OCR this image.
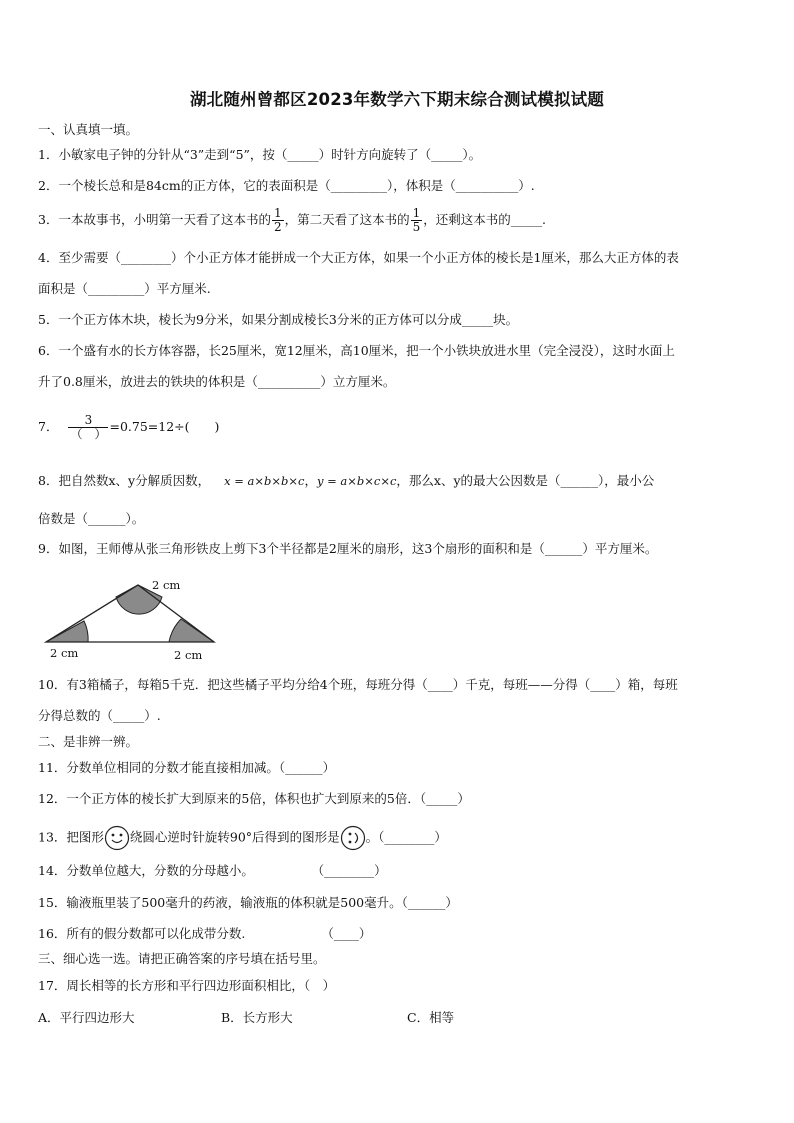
湖北随州曾都区2023年数学六下期末综合测试模拟试题
一、认真填一填。
1．小敏家电子钟的分针从“3”走到“5”，按（_____）时针方向旋转了（_____）。
2．一个棱长总和是84cm的正方体，它的表面积是（_________），体积是（__________）.
3．一本故事书，小明第一天看了这本书的 $\frac{1}{2}$ ，第二天看了这本书的 $\frac{1}{5}$ ，还剩这本书的_____.
4．至少需要（________）个小正方体才能拼成一个大正方体，如果一个小正方体的棱长是1厘米，那么大正方体的表
面积是（_________）平方厘米.
5．一个正方体木块，棱长为9分米，如果分割成棱长3分米的正方体可以分成_____块。
6．一个盛有水的长方体容器，长25厘米，宽12厘米，高10厘米，把一个小铁块放进水里（完全浸没），这时水面上
升了0.8厘米，放进去的铁块的体积是（__________）立方厘米。
7． $\frac{3}{( )} =0.75=12\div$(　　)
8．把自然数x、y分解质因数， x = a×b×b×c，y = a×b×c×c，那么x、y的最大公因数是（______），最小公
倍数是（______）。
9．如图，王师傅从张三角形铁皮上剪下3个半径都是2厘米的扇形，这3个扇形的面积和是（______）平方厘米。
2 cm
2 cm	2 cm
10．有3箱橘子，每箱5千克．把这些橘子平均分给4个班，每班分得（____）千克，每班——分得（____）箱，每班
分得总数的（_____）.
二、是非辨一辨。
11．分数单位相同的分数才能直接相加减。（______）
12．一个正方体的棱长扩大到原来的5倍，体积也扩大到原来的5倍．（_____）
13．把图形 绕圆心逆时针旋转90°后得到的图形是 。（________）
14．分数单位越大，分数的分母越小。	（________）
15．输液瓶里装了500毫升的药液，输液瓶的体积就是500毫升。（______）
16．所有的假分数都可以化成带分数.	（____）
三、细心选一选。请把正确答案的序号填在括号里。
17．周长相等的长方形和平行四边形面积相比，（　）
A．平行四边形大	B．长方形大	C．相等
